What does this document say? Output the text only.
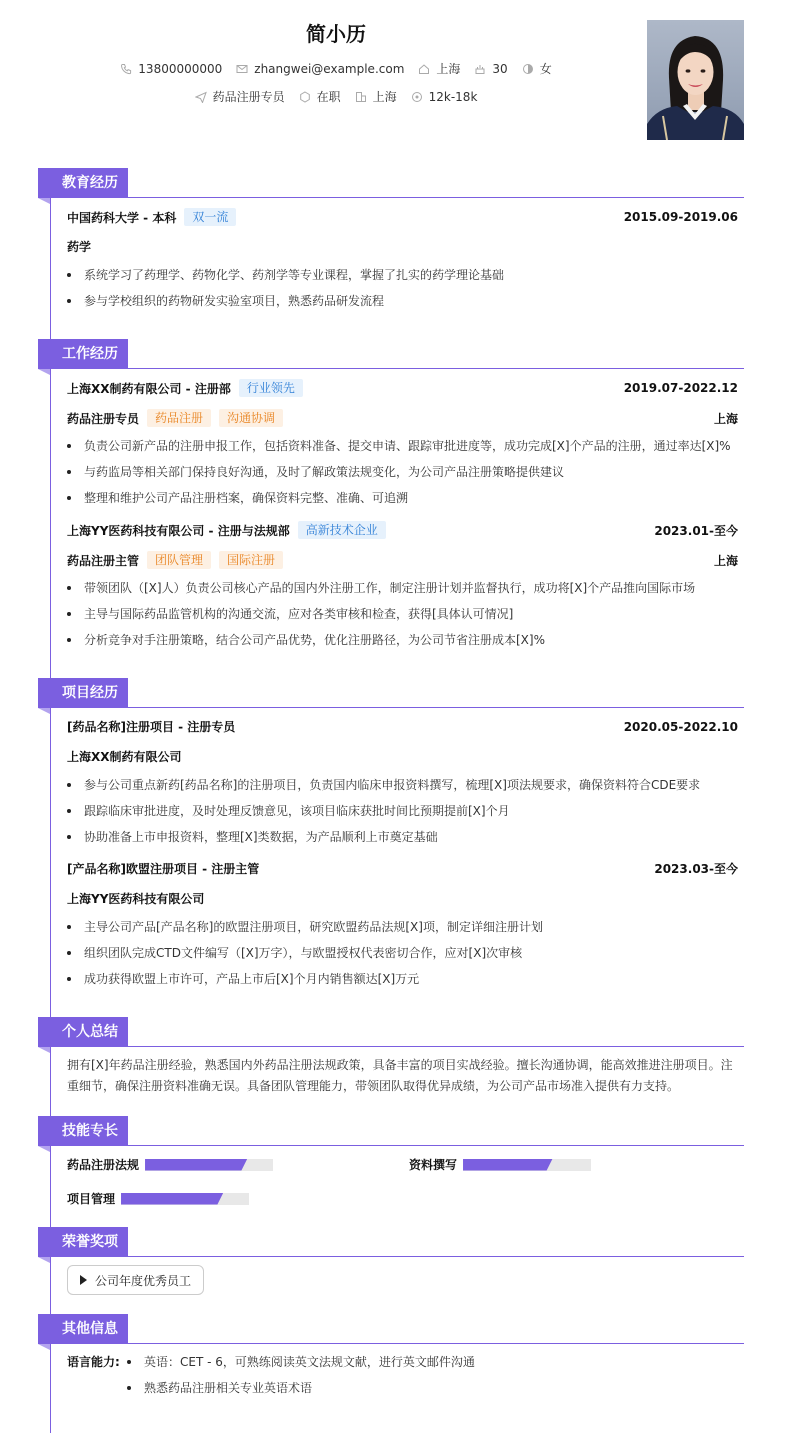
简小历
13800000000	zhangwei@example.com	上海	30	女
药品注册专员	在职	上海	12k-18k
教育经历
中国药科大学 - 本科	双一流	2015.09-2019.06
药学
系统学习了药理学、药物化学、药剂学等专业课程，掌握了扎实的药学理论基础
参与学校组织的药物研发实验室项目，熟悉药品研发流程
工作经历
上海XX制药有限公司 - 注册部	行业领先	2019.07-2022.12
药品注册专员	药品注册	沟通协调	上海
负责公司新产品的注册申报工作，包括资料准备、提交申请、跟踪审批进度等，成功完成[X]个产品的注册，通过率达[X]%
与药监局等相关部门保持良好沟通，及时了解政策法规变化，为公司产品注册策略提供建议
整理和维护公司产品注册档案，确保资料完整、准确、可追溯
上海YY医药科技有限公司 - 注册与法规部	高新技术企业	2023.01-至今
药品注册主管	团队管理	国际注册	上海
带领团队（[X]人）负责公司核心产品的国内外注册工作，制定注册计划并监督执行，成功将[X]个产品推向国际市场
主导与国际药品监管机构的沟通交流，应对各类审核和检查，获得[具体认可情况]
分析竞争对手注册策略，结合公司产品优势，优化注册路径，为公司节省注册成本[X]%
项目经历
[药品名称]注册项目 - 注册专员	2020.05-2022.10
上海XX制药有限公司
参与公司重点新药[药品名称]的注册项目，负责国内临床申报资料撰写，梳理[X]项法规要求，确保资料符合CDE要求
跟踪临床审批进度，及时处理反馈意见，该项目临床获批时间比预期提前[X]个月
协助准备上市申报资料，整理[X]类数据，为产品顺利上市奠定基础
[产品名称]欧盟注册项目 - 注册主管	2023.03-至今
上海YY医药科技有限公司
主导公司产品[产品名称]的欧盟注册项目，研究欧盟药品法规[X]项，制定详细注册计划
组织团队完成CTD文件编写（[X]万字），与欧盟授权代表密切合作，应对[X]次审核
成功获得欧盟上市许可，产品上市后[X]个月内销售额达[X]万元
个人总结
拥有[X]年药品注册经验，熟悉国内外药品注册法规政策，具备丰富的项目实战经验。擅长沟通协调，能高效推进注册项目。注重细节，确保注册资料准确无误。具备团队管理能力，带领团队取得优异成绩，为公司产品市场准入提供有力支持。
技能专长
药品注册法规	资料撰写
项目管理
荣誉奖项
公司年度优秀员工
其他信息
语言能力:	英语：CET - 6，可熟练阅读英文法规文献，进行英文邮件沟通
熟悉药品注册相关专业英语术语
